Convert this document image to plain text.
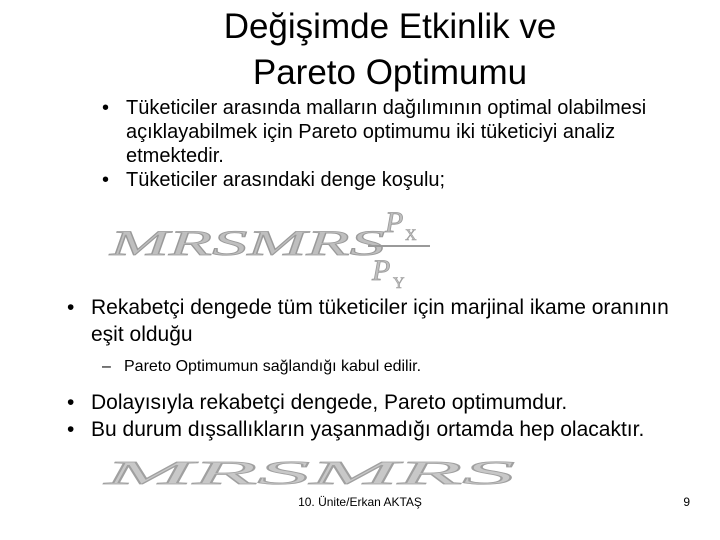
Değişimde Etkinlik ve
Pareto Optimumu
• Tüketiciler arasında malların dağılımının optimal olabilmesi açıklayabilmek için Pareto optimumu iki tüketiciyi analiz etmektedir.
• Tüketiciler arasındaki denge koşulu;
MRSMRS
P X
P Y
• Rekabetçi dengede tüm tüketiciler için marjinal ikame oranının eşit olduğu
– Pareto Optimumun sağlandığı kabul edilir.
• Dolayısıyla rekabetçi dengede, Pareto optimumdur.
• Bu durum dışsallıkların yaşanmadığı ortamda hep olacaktır.
MRSMRS
10. Ünite/Erkan AKTAŞ	9
